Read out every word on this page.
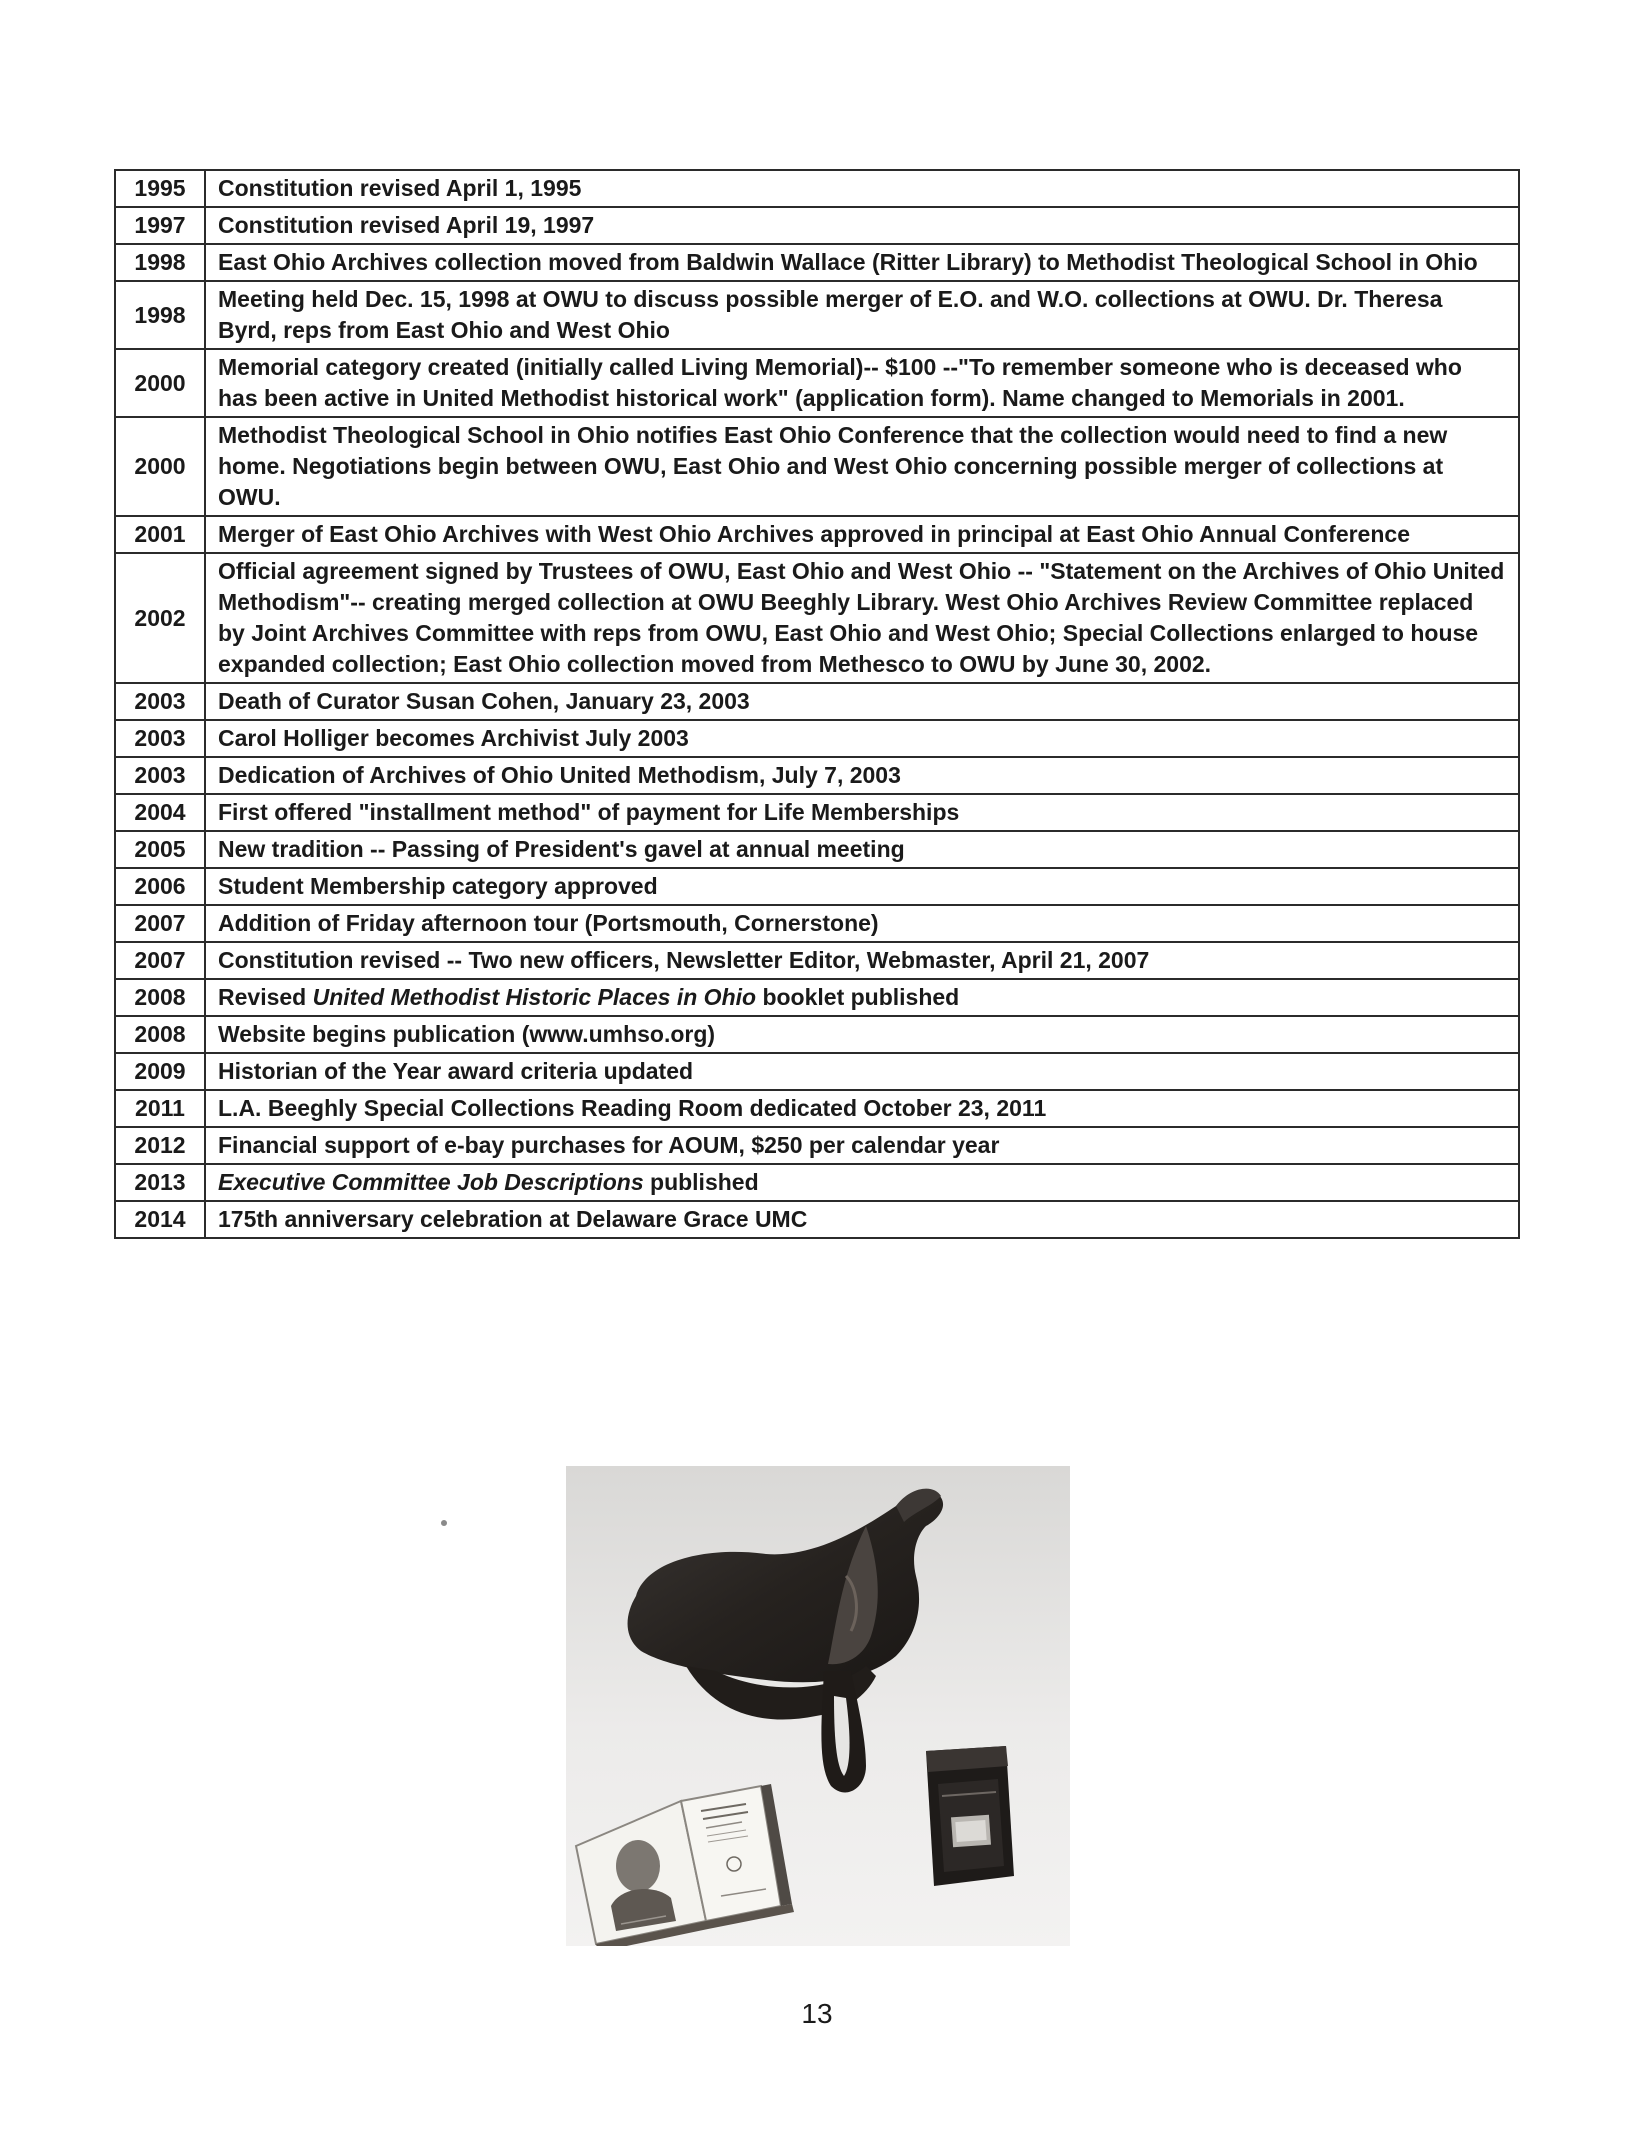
1995	Constitution revised April 1, 1995
1997	Constitution revised April 19, 1997
1998	East Ohio Archives collection moved from Baldwin Wallace (Ritter Library) to Methodist Theological School in Ohio
1998	Meeting held Dec. 15, 1998 at OWU to discuss possible merger of E.O. and W.O. collections at OWU. Dr. Theresa Byrd, reps from East Ohio and West Ohio
2000	Memorial category created (initially called Living Memorial)-- $100 --"To remember someone who is deceased who has been active in United Methodist historical work" (application form). Name changed to Memorials in 2001.
2000	Methodist Theological School in Ohio notifies East Ohio Conference that the collection would need to find a new home. Negotiations begin between OWU, East Ohio and West Ohio concerning possible merger of collections at OWU.
2001	Merger of East Ohio Archives with West Ohio Archives approved in principal at East Ohio Annual Conference
2002	Official agreement signed by Trustees of OWU, East Ohio and West Ohio -- "Statement on the Archives of Ohio United Methodism"-- creating merged collection at OWU Beeghly Library. West Ohio Archives Review Committee replaced by Joint Archives Committee with reps from OWU, East Ohio and West Ohio; Special Collections enlarged to house expanded collection; East Ohio collection moved from Methesco to OWU by June 30, 2002.
2003	Death of Curator Susan Cohen, January 23, 2003
2003	Carol Holliger becomes Archivist July 2003
2003	Dedication of Archives of Ohio United Methodism, July 7, 2003
2004	First offered "installment method" of payment for Life Memberships
2005	New tradition -- Passing of President's gavel at annual meeting
2006	Student Membership category approved
2007	Addition of Friday afternoon tour (Portsmouth, Cornerstone)
2007	Constitution revised -- Two new officers, Newsletter Editor, Webmaster, April 21, 2007
2008	Revised United Methodist Historic Places in Ohio booklet published
2008	Website begins publication (www.umhso.org)
2009	Historian of the Year award criteria updated
2011	L.A. Beeghly Special Collections Reading Room dedicated October 23, 2011
2012	Financial support of e-bay purchases for AOUM, $250 per calendar year
2013	Executive Committee Job Descriptions published
2014	175th anniversary celebration at Delaware Grace UMC
13
